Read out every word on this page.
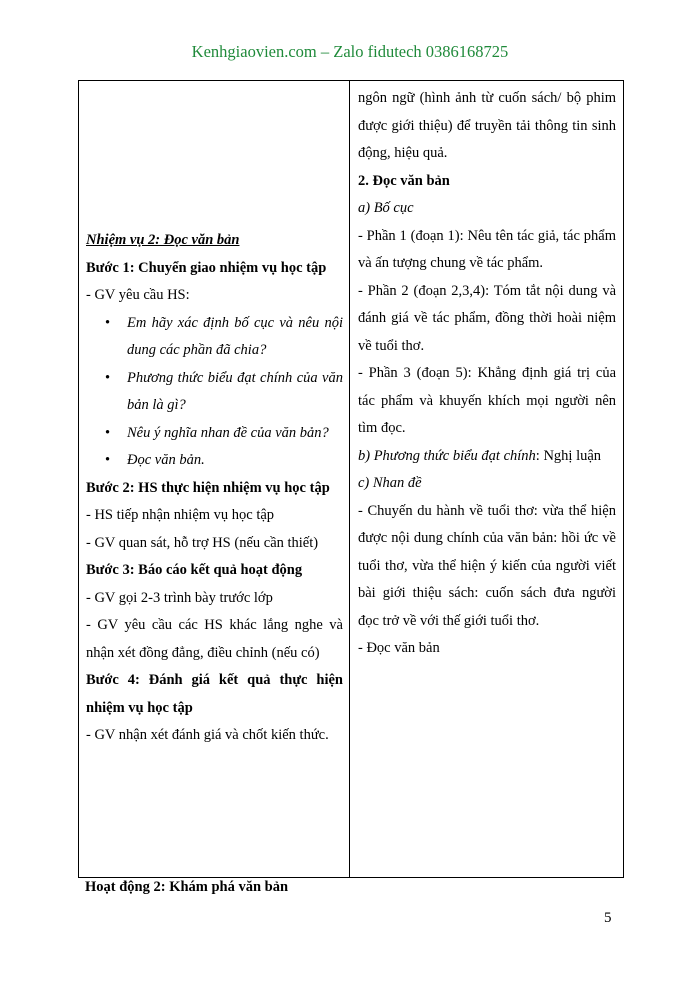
Kenhgiaovien.com – Zalo fidutech 0386168725

Nhiệm vụ 2: Đọc văn bản

Bước 1: Chuyển giao nhiệm vụ học tập

- GV yêu cầu HS:

• Em hãy xác định bố cục và nêu nội dung các phần đã chia?
• Phương thức biểu đạt chính của văn bản là gì?
• Nêu ý nghĩa nhan đề của văn bản?
• Đọc văn bản.

Bước 2: HS thực hiện nhiệm vụ học tập

- HS tiếp nhận nhiệm vụ học tập

- GV quan sát, hỗ trợ HS (nếu cần thiết)

Bước 3: Báo cáo kết quả hoạt động

- GV gọi 2-3 trình bày trước lớp

- GV yêu cầu các HS khác lắng nghe và nhận xét đồng đẳng, điều chỉnh (nếu có)

Bước 4: Đánh giá kết quả thực hiện nhiệm vụ học tập

- GV nhận xét đánh giá và chốt kiến thức.

ngôn ngữ (hình ảnh từ cuốn sách/ bộ phim được giới thiệu) để truyền tải thông tin sinh động, hiệu quả.

2. Đọc văn bản

a) Bố cục

- Phần 1 (đoạn 1): Nêu tên tác giả, tác phẩm và ấn tượng chung về tác phẩm.

- Phần 2 (đoạn 2,3,4): Tóm tắt nội dung và đánh giá về tác phẩm, đồng thời hoài niệm về tuổi thơ.

- Phần 3 (đoạn 5): Khẳng định giá trị của tác phẩm và khuyến khích mọi người nên tìm đọc.

b) Phương thức biểu đạt chính: Nghị luận

c) Nhan đề

- Chuyến du hành về tuổi thơ: vừa thể hiện được nội dung chính của văn bản: hồi ức về tuổi thơ, vừa thể hiện ý kiến của người viết bài giới thiệu sách: cuốn sách đưa người đọc trở về với thế giới tuổi thơ.

- Đọc văn bản

Hoạt động 2: Khám phá văn bản
5
